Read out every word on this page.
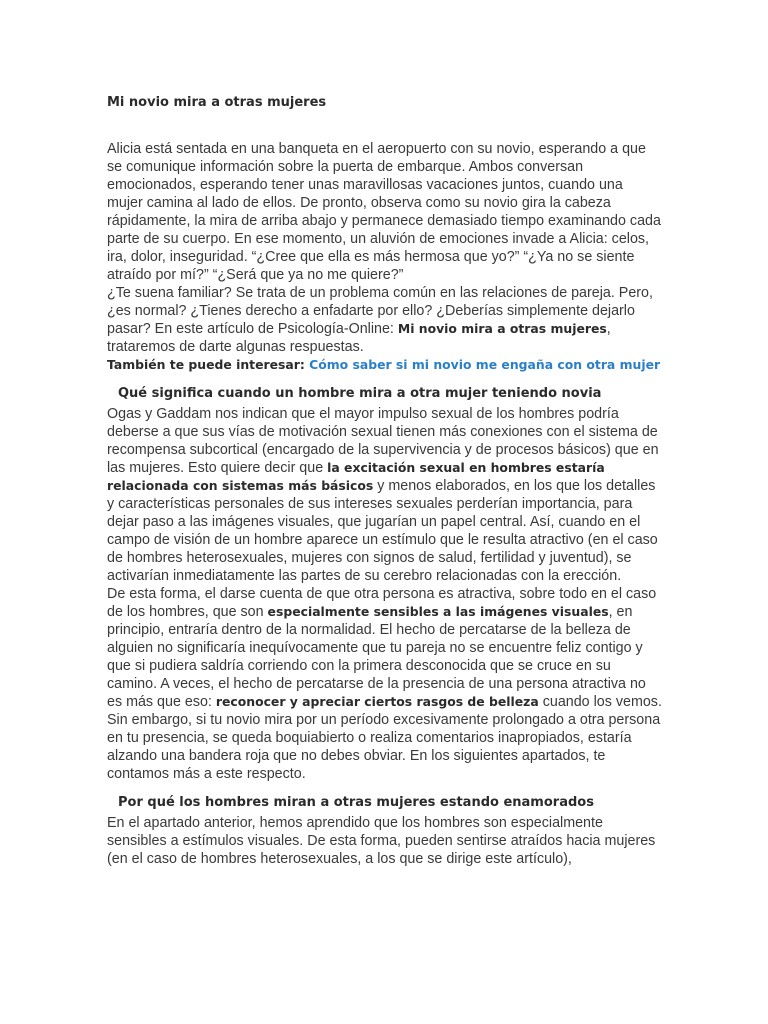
Mi novio mira a otras mujeres

Alicia está sentada en una banqueta en el aeropuerto con su novio, esperando a que se comunique información sobre la puerta de embarque. Ambos conversan emocionados, esperando tener unas maravillosas vacaciones juntos, cuando una mujer camina al lado de ellos. De pronto, observa como su novio gira la cabeza rápidamente, la mira de arriba abajo y permanece demasiado tiempo examinando cada parte de su cuerpo. En ese momento, un aluvión de emociones invade a Alicia: celos, ira, dolor, inseguridad. “¿Cree que ella es más hermosa que yo?” “¿Ya no se siente atraído por mí?” “¿Será que ya no me quiere?”

¿Te suena familiar? Se trata de un problema común en las relaciones de pareja. Pero, ¿es normal? ¿Tienes derecho a enfadarte por ello? ¿Deberías simplemente dejarlo pasar? En este artículo de Psicología-Online: Mi novio mira a otras mujeres, trataremos de darte algunas respuestas.

También te puede interesar: Cómo saber si mi novio me engaña con otra mujer

Qué significa cuando un hombre mira a otra mujer teniendo novia

Ogas y Gaddam nos indican que el mayor impulso sexual de los hombres podría deberse a que sus vías de motivación sexual tienen más conexiones con el sistema de recompensa subcortical (encargado de la supervivencia y de procesos básicos) que en las mujeres. Esto quiere decir que la excitación sexual en hombres estaría relacionada con sistemas más básicos y menos elaborados, en los que los detalles y características personales de sus intereses sexuales perderían importancia, para dejar paso a las imágenes visuales, que jugarían un papel central. Así, cuando en el campo de visión de un hombre aparece un estímulo que le resulta atractivo (en el caso de hombres heterosexuales, mujeres con signos de salud, fertilidad y juventud), se activarían inmediatamente las partes de su cerebro relacionadas con la erección.

De esta forma, el darse cuenta de que otra persona es atractiva, sobre todo en el caso de los hombres, que son especialmente sensibles a las imágenes visuales, en principio, entraría dentro de la normalidad. El hecho de percatarse de la belleza de alguien no significaría inequívocamente que tu pareja no se encuentre feliz contigo y que si pudiera saldría corriendo con la primera desconocida que se cruce en su camino. A veces, el hecho de percatarse de la presencia de una persona atractiva no es más que eso: reconocer y apreciar ciertos rasgos de belleza cuando los vemos. Sin embargo, si tu novio mira por un período excesivamente prolongado a otra persona en tu presencia, se queda boquiabierto o realiza comentarios inapropiados, estaría alzando una bandera roja que no debes obviar. En los siguientes apartados, te contamos más a este respecto.

Por qué los hombres miran a otras mujeres estando enamorados

En el apartado anterior, hemos aprendido que los hombres son especialmente sensibles a estímulos visuales. De esta forma, pueden sentirse atraídos hacia mujeres (en el caso de hombres heterosexuales, a los que se dirige este artículo),
